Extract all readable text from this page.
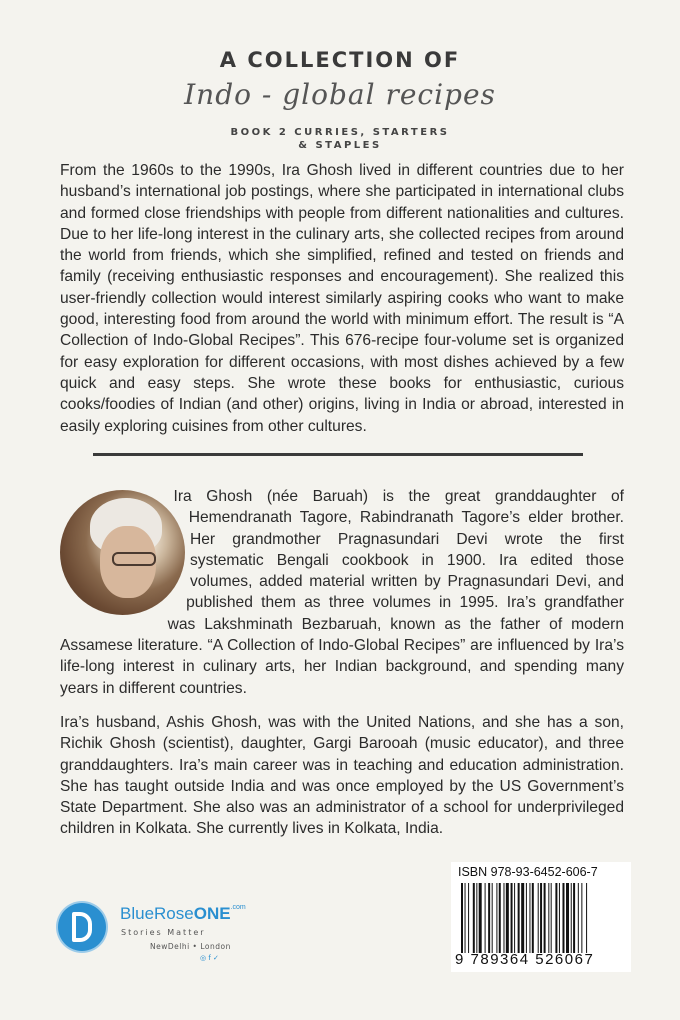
A COLLECTION OF
Indo - global recipes
BOOK 2 CURRIES, STARTERS
& STAPLES

From the 1960s to the 1990s, Ira Ghosh lived in different countries due to her husband’s international job postings, where she participated in international clubs and formed close friendships with people from different nationalities and cultures. Due to her life-long interest in the culinary arts, she collected recipes from around the world from friends, which she simplified, refined and tested on friends and family (receiving enthusiastic responses and encouragement). She realized this user-friendly collection would interest similarly aspiring cooks who want to make good, interesting food from around the world with minimum effort. The result is “A Collection of Indo-Global Recipes”. This 676-recipe four-volume set is organized for easy exploration for different occasions, with most dishes achieved by a few quick and easy steps. She wrote these books for enthusiastic, curious cooks/foodies of Indian (and other) origins, living in India or abroad, interested in easily exploring cuisines from other cultures.

Ira Ghosh (née Baruah) is the great granddaughter of Hemendranath Tagore, Rabindranath Tagore’s elder brother. Her grandmother Pragnasundari Devi wrote the first systematic Bengali cookbook in 1900. Ira edited those volumes, added material written by Pragnasundari Devi, and published them as three volumes in 1995. Ira’s grandfather was Lakshminath Bezbaruah, known as the father of modern Assamese literature. “A Collection of Indo-Global Recipes” are influenced by Ira’s life-long interest in culinary arts, her Indian background, and spending many years in different countries.

Ira’s husband, Ashis Ghosh, was with the United Nations, and she has a son, Richik Ghosh (scientist), daughter, Gargi Barooah (music educator), and three granddaughters. Ira’s main career was in teaching and education administration. She has taught outside India and was once employed by the US Government’s State Department. She also was an administrator of a school for underprivileged children in Kolkata. She currently lives in Kolkata, India.

BlueRoseONE$^{.com}$
Stories Matter
NewDelhi • London
◎ f ✓
ISBN 978-93-6452-606-7
9 789364 526067
